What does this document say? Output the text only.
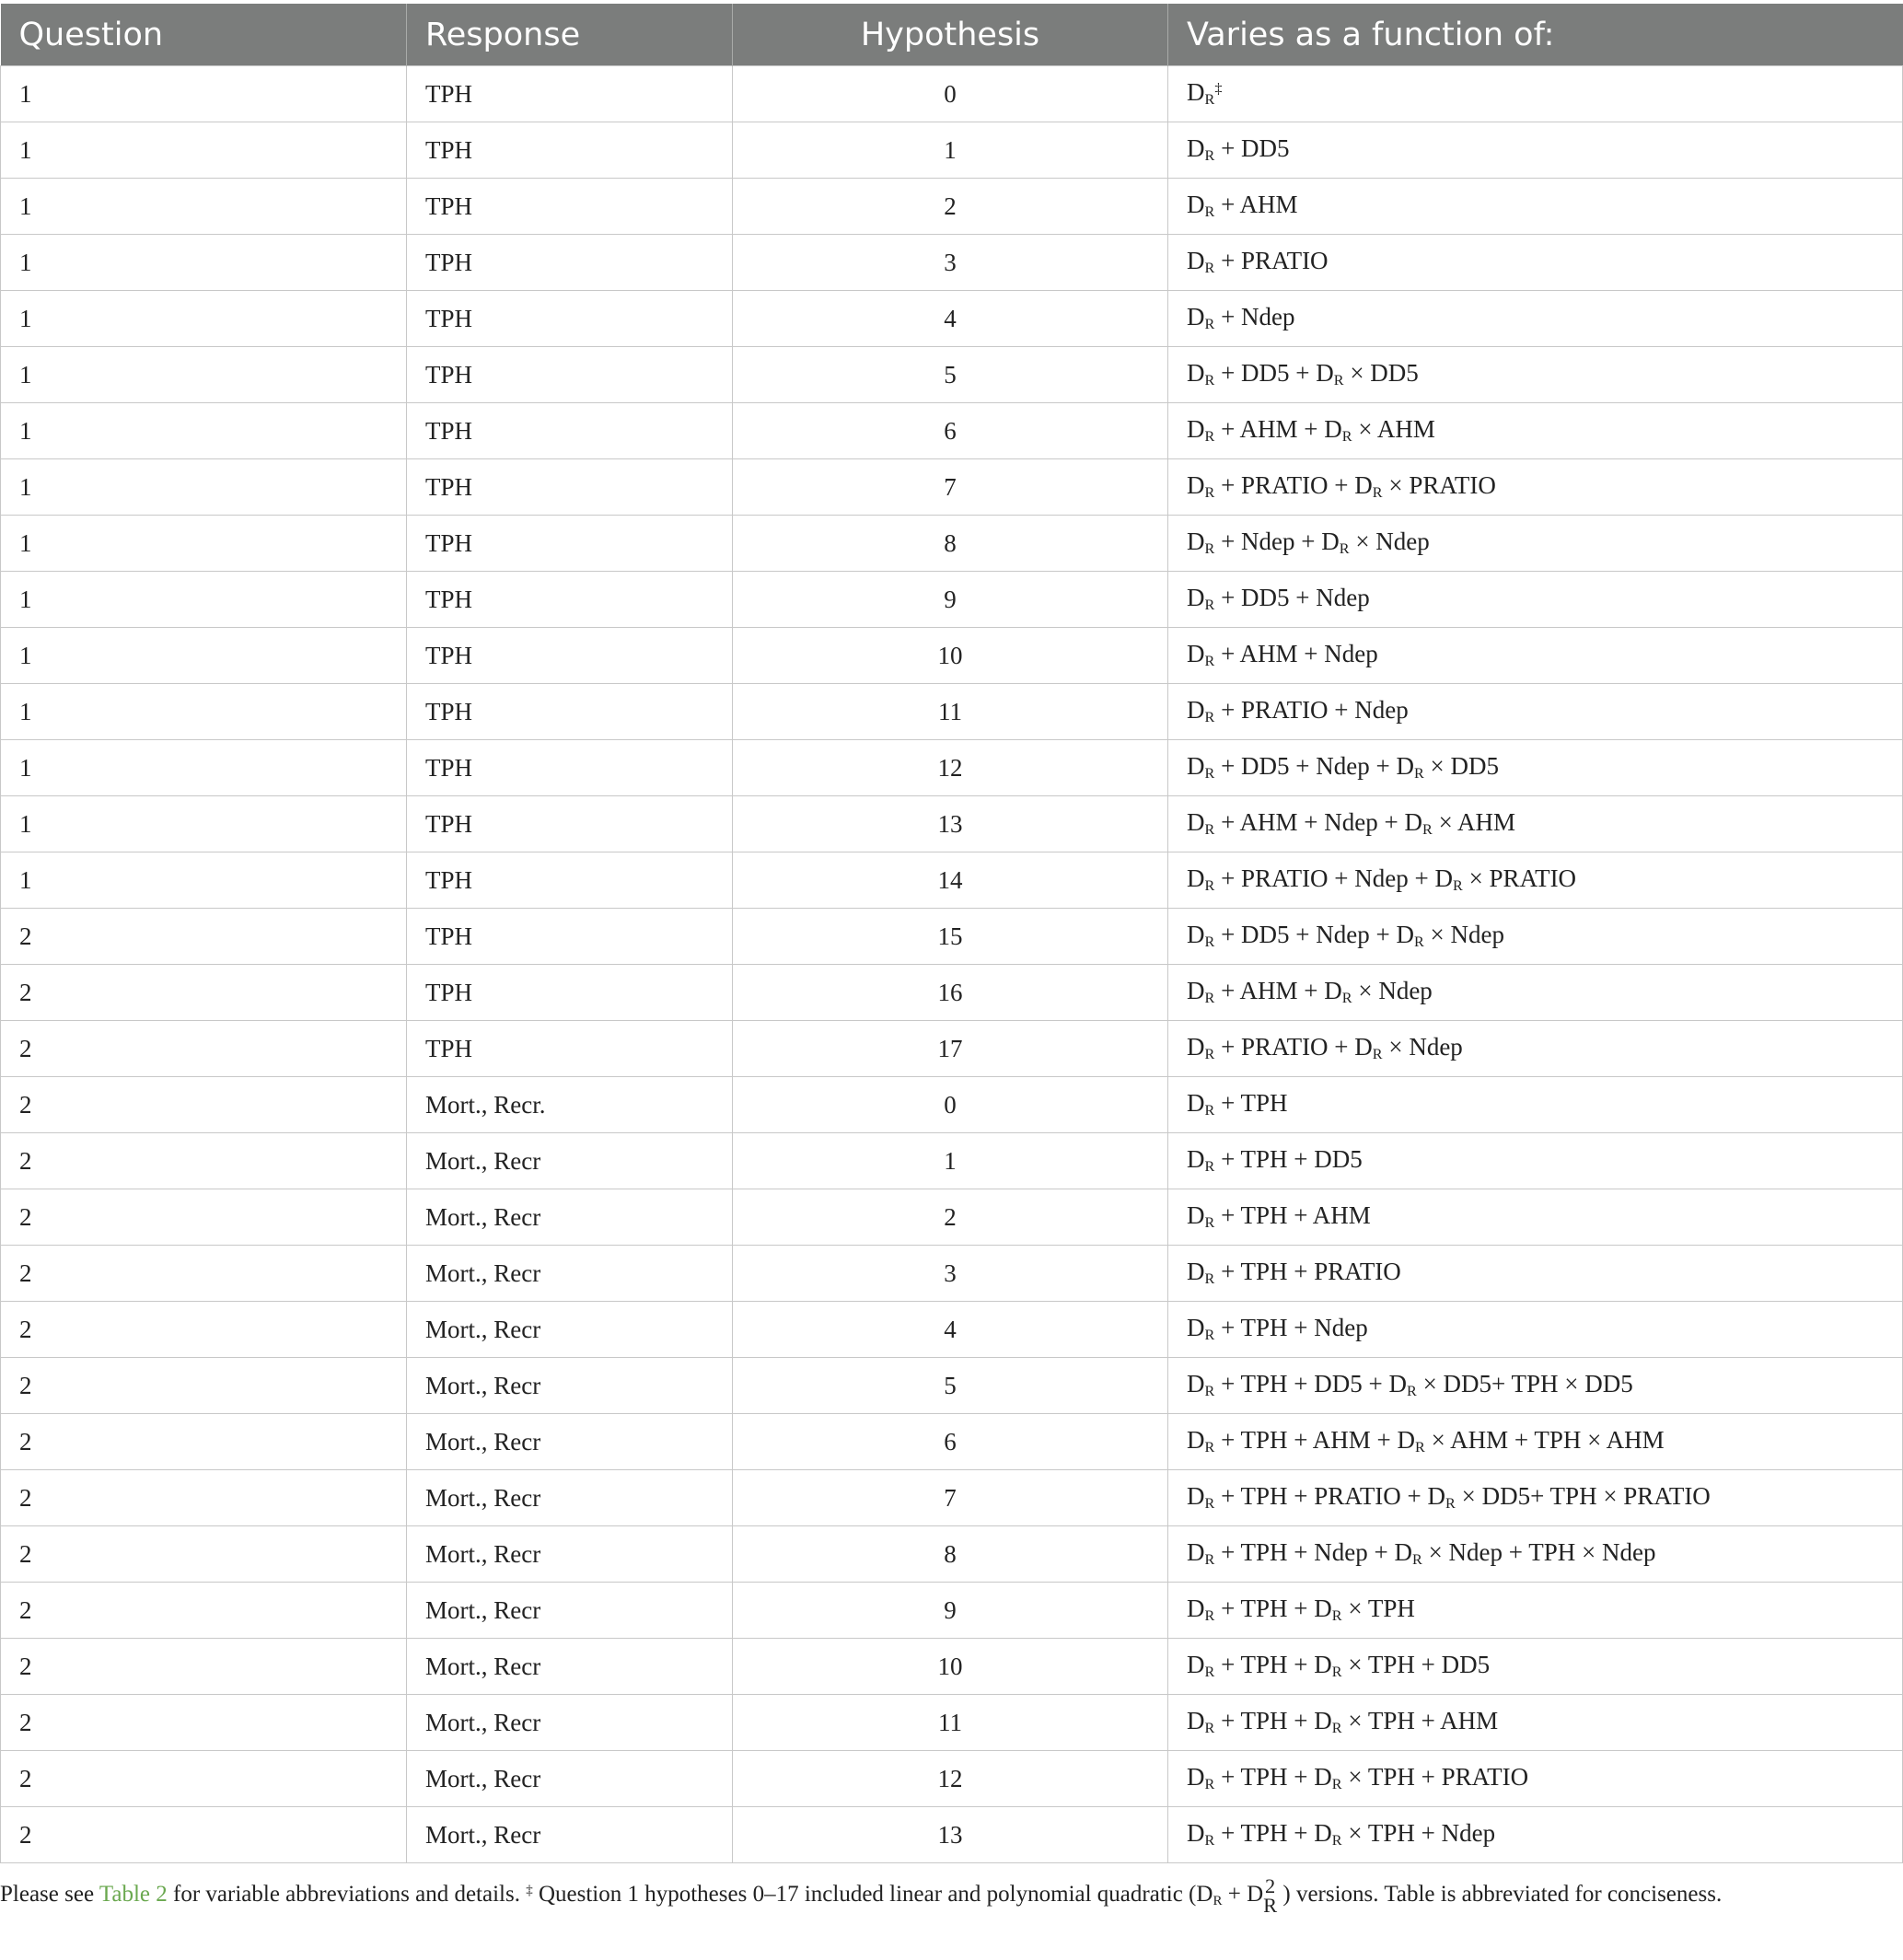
Question	Response	Hypothesis	Varies as a function of:
1	TPH	0	$D_R^\ddagger$
1	TPH	1	$D_R + DD5$
1	TPH	2	$D_R$ + AHM
1	TPH	3	$D_R$ + PRATIO
1	TPH	4	$D_R$ + Ndep
1	TPH	5	$D_R + DD5 + D_R \times DD5$
1	TPH	6	$D_R$ + AHM + $D_R$ × AHM
1	TPH	7	$D_R$ + PRATIO + $D_R$ × PRATIO
1	TPH	8	$D_R$ + Ndep + $D_R$ × Ndep
1	TPH	9	$D_R + DD5$ + Ndep
1	TPH	10	$D_R$ + AHM + Ndep
1	TPH	11	$D_R$ + PRATIO + Ndep
1	TPH	12	$D_R + DD5$ + Ndep + $D_R \times DD5$
1	TPH	13	$D_R$ + AHM + Ndep + $D_R$ × AHM
1	TPH	14	$D_R$ + PRATIO + Ndep + $D_R$ × PRATIO
2	TPH	15	$D_R + DD5$ + Ndep + $D_R$ × Ndep
2	TPH	16	$D_R$ + AHM + $D_R$ × Ndep
2	TPH	17	$D_R$ + PRATIO + $D_R$ × Ndep
2	Mort., Recr.	0	$D_R$ + TPH
2	Mort., Recr	1	$D_R$ + TPH + DD5
2	Mort., Recr	2	$D_R$ + TPH + AHM
2	Mort., Recr	3	$D_R$ + TPH + PRATIO
2	Mort., Recr	4	$D_R$ + TPH + Ndep
2	Mort., Recr	5	$D_R$ + TPH + $DD5 + D_R \times DD5+$ TPH × DD5
2	Mort., Recr	6	$D_R$ + TPH + AHM + $D_R$ × AHM + TPH × AHM
2	Mort., Recr	7	$D_R$ + TPH + PRATIO + $D_R \times DD5+$ TPH × PRATIO
2	Mort., Recr	8	$D_R$ + TPH + Ndep + $D_R$ × Ndep + TPH × Ndep
2	Mort., Recr	9	$D_R$ + TPH + $D_R$ × TPH
2	Mort., Recr	10	$D_R$ + TPH + $D_R$ × TPH + DD5
2	Mort., Recr	11	$D_R$ + TPH + $D_R$ × TPH + AHM
2	Mort., Recr	12	$D_R$ + TPH + $D_R$ × TPH + PRATIO
2	Mort., Recr	13	$D_R$ + TPH + $D_R$ × TPH + Ndep
Please see Table 2 for variable abbreviations and details. ‡ Question 1 hypotheses 0–17 included linear and polynomial quadratic ($D_R + D$ 2
R ) versions. Table is abbreviated for conciseness.
